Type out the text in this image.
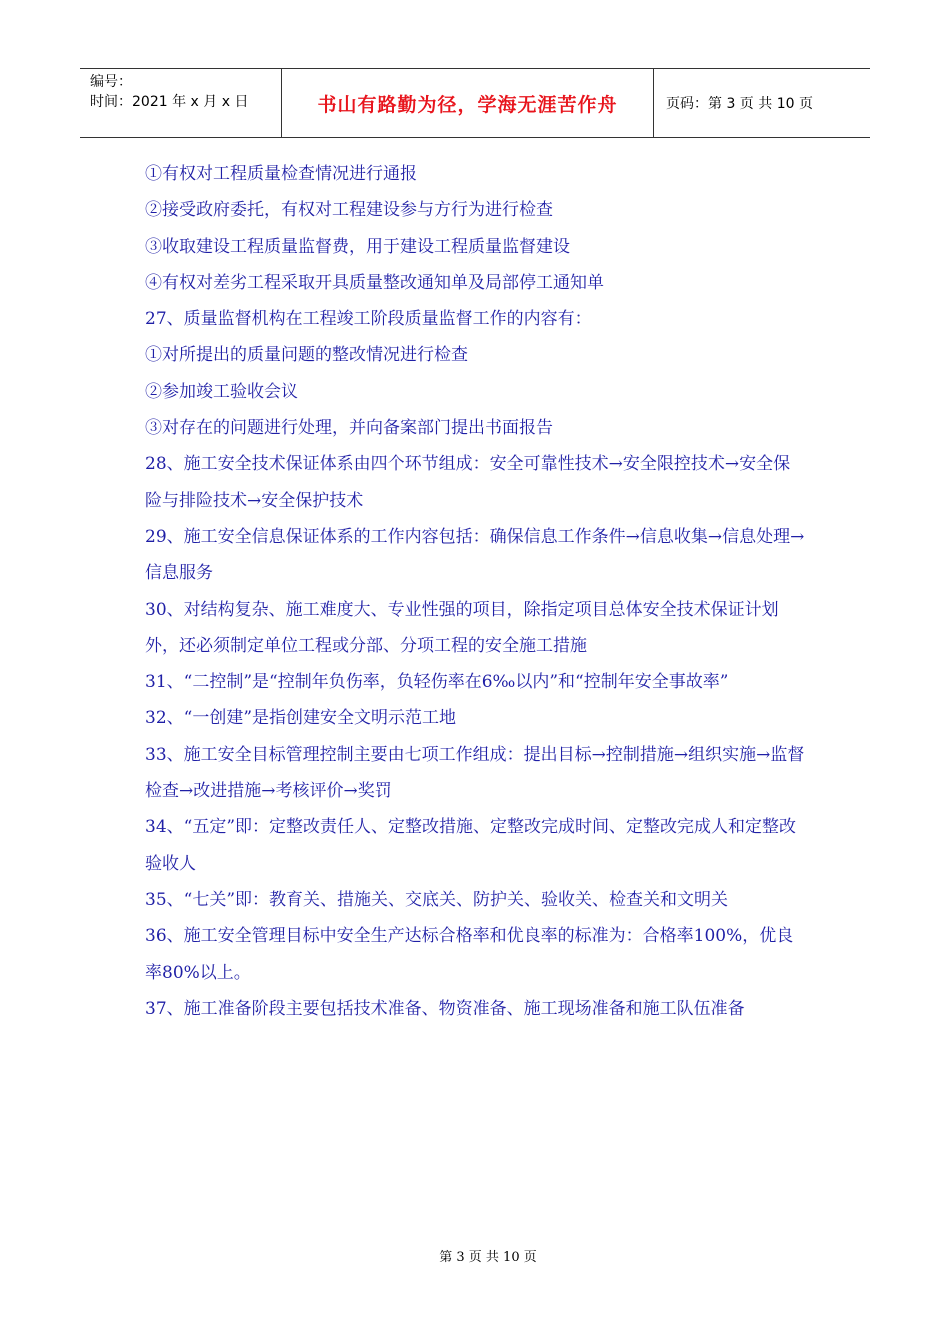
编号：
时间：2021 年 x 月 x 日	书山有路勤为径，学海无涯苦作舟	页码：第 3 页 共 10 页

①有权对工程质量检查情况进行通报

②接受政府委托，有权对工程建设参与方行为进行检查

③收取建设工程质量监督费，用于建设工程质量监督建设

④有权对差劣工程采取开具质量整改通知单及局部停工通知单

27、质量监督机构在工程竣工阶段质量监督工作的内容有：

①对所提出的质量问题的整改情况进行检查

②参加竣工验收会议

③对存在的问题进行处理，并向备案部门提出书面报告

28、施工安全技术保证体系由四个环节组成：安全可靠性技术→安全限控技术→安全保险与排险技术→安全保护技术

29、施工安全信息保证体系的工作内容包括：确保信息工作条件→信息收集→信息处理→信息服务

30、对结构复杂、施工难度大、专业性强的项目，除指定项目总体安全技术保证计划外，还必须制定单位工程或分部、分项工程的安全施工措施

31、“二控制”是“控制年负伤率，负轻伤率在6‰以内”和“控制年安全事故率”

32、“一创建”是指创建安全文明示范工地

33、施工安全目标管理控制主要由七项工作组成：提出目标→控制措施→组织实施→监督检查→改进措施→考核评价→奖罚

34、“五定”即：定整改责任人、定整改措施、定整改完成时间、定整改完成人和定整改验收人

35、“七关”即：教育关、措施关、交底关、防护关、验收关、检查关和文明关

36、施工安全管理目标中安全生产达标合格率和优良率的标准为：合格率100%，优良率80%以上。

37、施工准备阶段主要包括技术准备、物资准备、施工现场准备和施工队伍准备

第 3 页 共 10 页
